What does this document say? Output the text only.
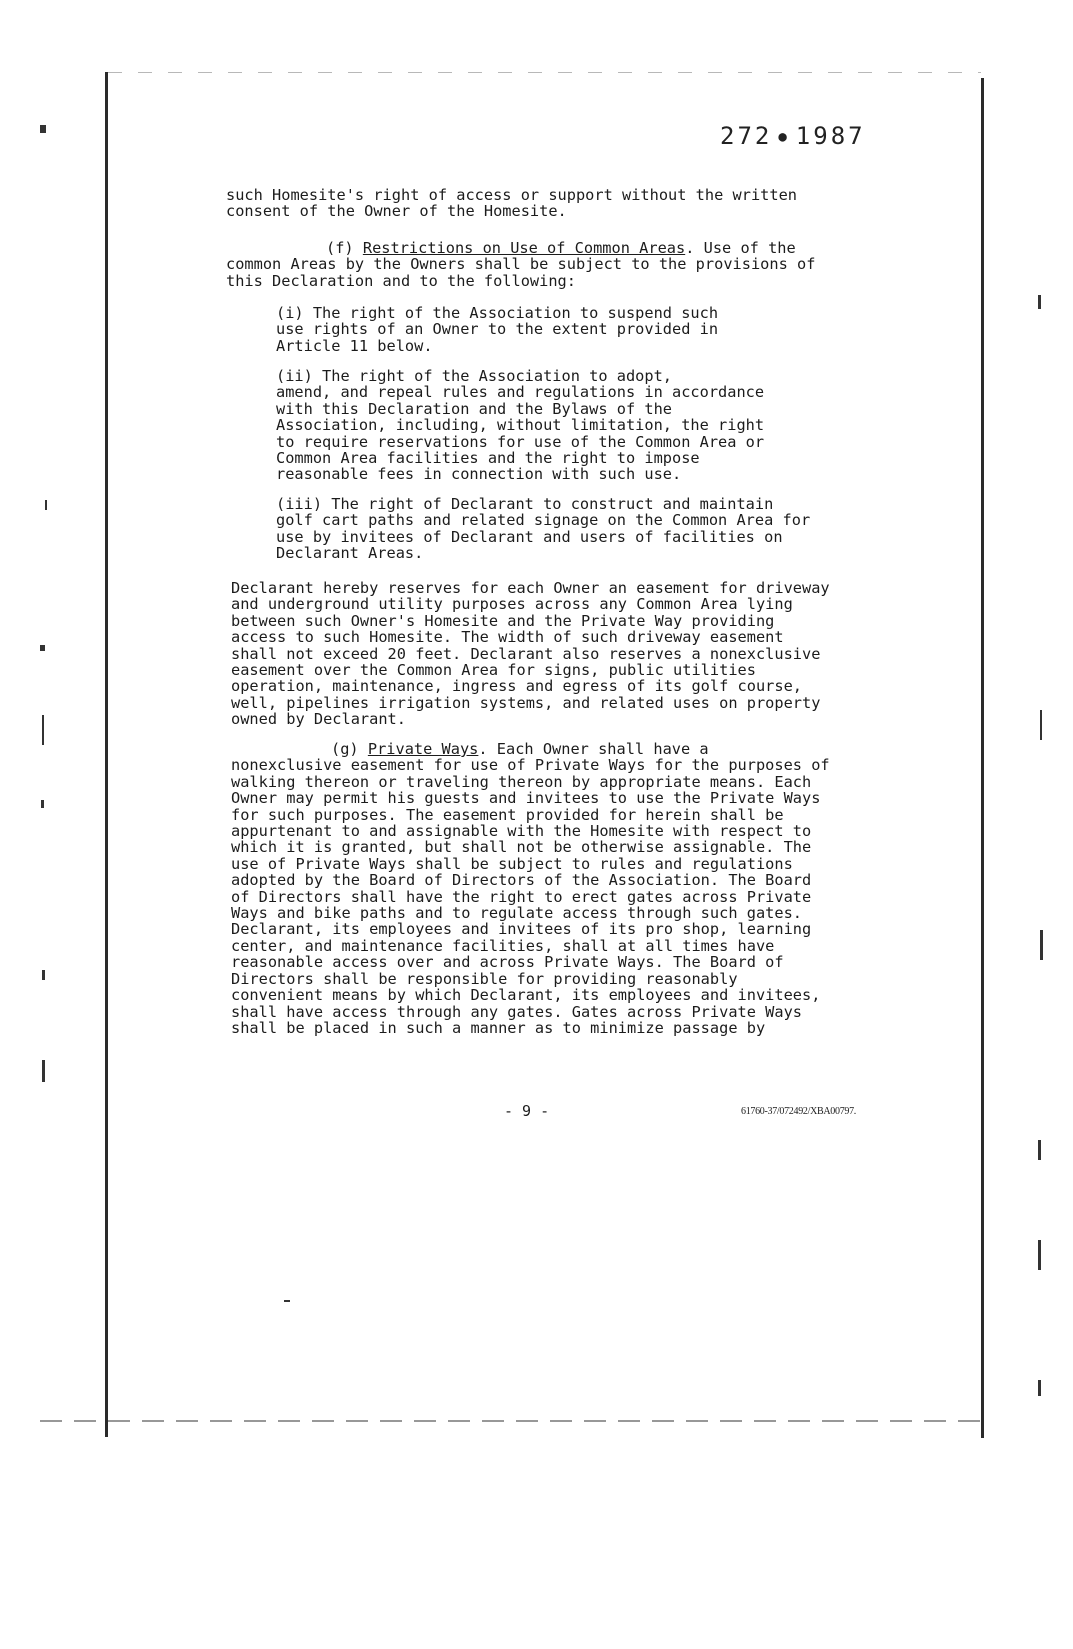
272 ● 1987

such Homesite's right of access or support without the written
consent of the Owner of the Homesite.

(f) Restrictions on Use of Common Areas. Use of the
common Areas by the Owners shall be subject to the provisions of
this Declaration and to the following:

(i) The right of the Association to suspend such
use rights of an Owner to the extent provided in
Article 11 below.

(ii) The right of the Association to adopt,
amend, and repeal rules and regulations in accordance
with this Declaration and the Bylaws of the
Association, including, without limitation, the right
to require reservations for use of the Common Area or
Common Area facilities and the right to impose
reasonable fees in connection with such use.

(iii) The right of Declarant to construct and maintain
golf cart paths and related signage on the Common Area for
use by invitees of Declarant and users of facilities on
Declarant Areas.

Declarant hereby reserves for each Owner an easement for driveway
and underground utility purposes across any Common Area lying
between such Owner's Homesite and the Private Way providing
access to such Homesite. The width of such driveway easement
shall not exceed 20 feet. Declarant also reserves a nonexclusive
easement over the Common Area for signs, public utilities
operation, maintenance, ingress and egress of its golf course,
well, pipelines irrigation systems, and related uses on property
owned by Declarant.

(g) Private Ways. Each Owner shall have a
nonexclusive easement for use of Private Ways for the purposes of
walking thereon or traveling thereon by appropriate means. Each
Owner may permit his guests and invitees to use the Private Ways
for such purposes. The easement provided for herein shall be
appurtenant to and assignable with the Homesite with respect to
which it is granted, but shall not be otherwise assignable. The
use of Private Ways shall be subject to rules and regulations
adopted by the Board of Directors of the Association. The Board
of Directors shall have the right to erect gates across Private
Ways and bike paths and to regulate access through such gates.
Declarant, its employees and invitees of its pro shop, learning
center, and maintenance facilities, shall at all times have
reasonable access over and across Private Ways. The Board of
Directors shall be responsible for providing reasonably
convenient means by which Declarant, its employees and invitees,
shall have access through any gates. Gates across Private Ways
shall be placed in such a manner as to minimize passage by

- 9 -	61760-37/072492/XBA00797.
